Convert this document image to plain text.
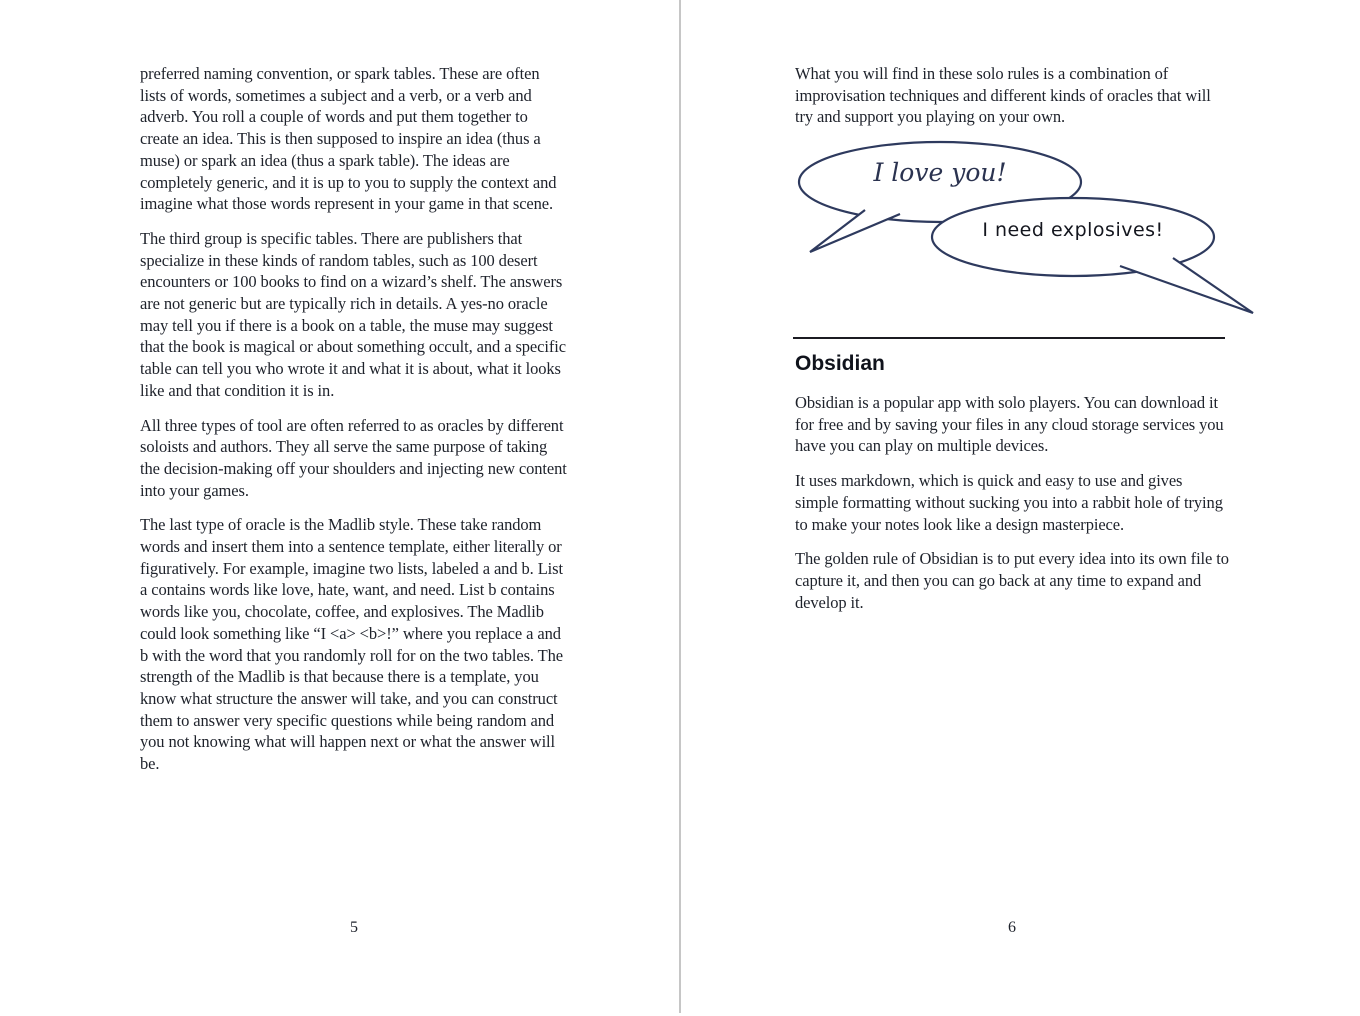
preferred naming convention, or spark tables. These are often lists of words, sometimes a subject and a verb, or a verb and adverb. You roll a couple of words and put them together to create an idea. This is then supposed to inspire an idea (thus a muse) or spark an idea (thus a spark table). The ideas are completely generic, and it is up to you to supply the context and imagine what those words represent in your game in that scene.

The third group is specific tables. There are publishers that specialize in these kinds of random tables, such as 100 desert encounters or 100 books to find on a wizard’s shelf. The answers are not generic but are typically rich in details. A yes-no oracle may tell you if there is a book on a table, the muse may suggest that the book is magical or about something occult, and a specific table can tell you who wrote it and what it is about, what it looks like and that condition it is in.

All three types of tool are often referred to as oracles by different soloists and authors. They all serve the same purpose of taking the decision-making off your shoulders and injecting new content into your games.

The last type of oracle is the Madlib style. These take random words and insert them into a sentence template, either literally or figuratively. For example, imagine two lists, labeled a and b. List a contains words like love, hate, want, and need. List b contains words like you, chocolate, coffee, and explosives. The Madlib could look something like “I <a> <b>!” where you replace a and b with the word that you randomly roll for on the two tables. The strength of the Madlib is that because there is a template, you know what structure the answer will take, and you can construct them to answer very specific questions while being random and you not knowing what will happen next or what the answer will be.

5

What you will find in these solo rules is a combination of improvisation techniques and different kinds of oracles that will try and support you playing on your own.

I love you!
I need explosives!
Obsidian

Obsidian is a popular app with solo players. You can download it for free and by saving your files in any cloud storage services you have you can play on multiple devices.

It uses markdown, which is quick and easy to use and gives simple formatting without sucking you into a rabbit hole of trying to make your notes look like a design masterpiece.

The golden rule of Obsidian is to put every idea into its own file to capture it, and then you can go back at any time to expand and develop it.

6
